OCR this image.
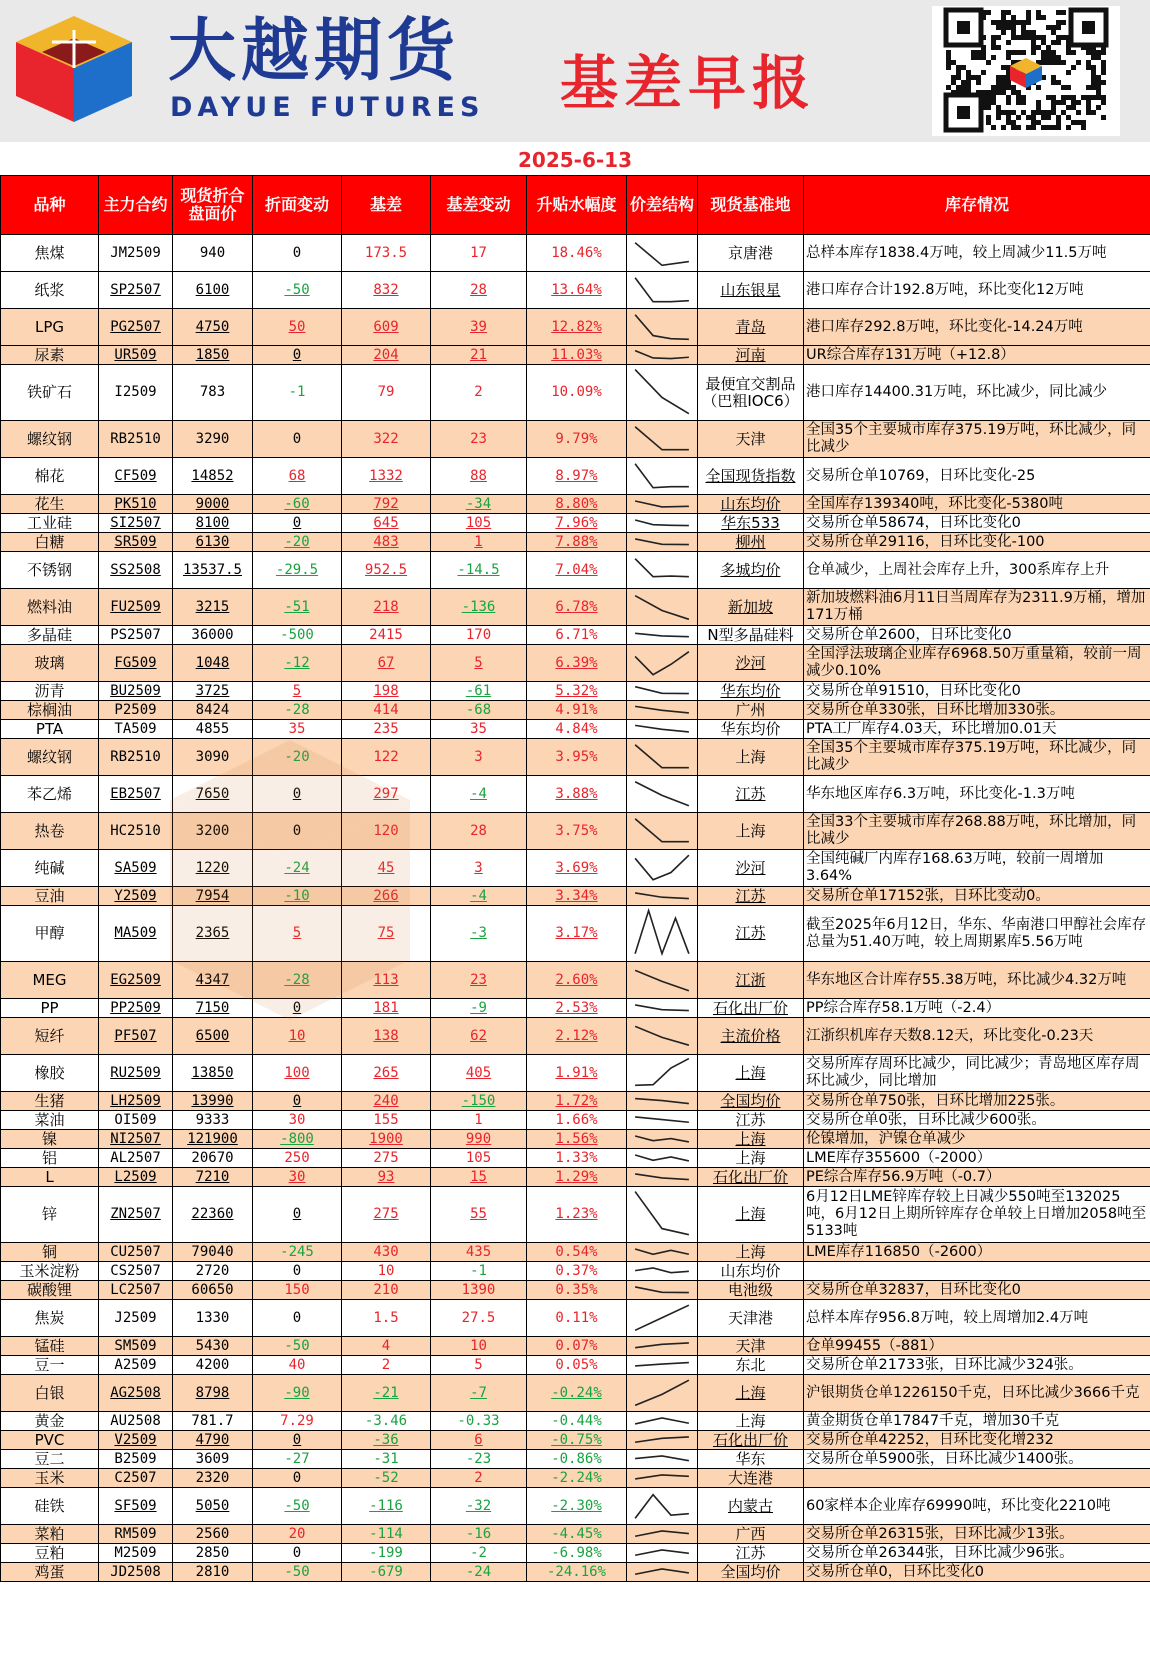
大越期货
DAYUE FUTURES 基差早报
2025-6-13
品种	主力合约	现货折合盘面价	折面变动	基差	基差变动	升贴水幅度	价差结构	现货基准地	库存情况
焦煤	JM2509	940	0	173.5	17	18.46%		京唐港	总样本库存1838.4万吨，较上周减少11.5万吨
纸浆	SP2507	6100	-50	832	28	13.64%		山东银星	港口库存合计192.8万吨，环比变化12万吨
LPG	PG2507	4750	50	609	39	12.82%		青岛	港口库存292.8万吨，环比变化-14.24万吨
尿素	UR509	1850	0	204	21	11.03%		河南	UR综合库存131万吨（+12.8）
铁矿石	I2509	783	-1	79	2	10.09%		最便宜交割品（巴粗IOC6）	港口库存14400.31万吨，环比减少，同比减少
螺纹钢	RB2510	3290	0	322	23	9.79%		天津	全国35个主要城市库存375.19万吨，环比减少，同比减少
棉花	CF509	14852	68	1332	88	8.97%		全国现货指数	交易所仓单10769，日环比变化-25
花生	PK510	9000	-60	792	-34	8.80%		山东均价	全国库存139340吨，环比变化-5380吨
工业硅	SI2507	8100	0	645	105	7.96%		华东533	交易所仓单58674，日环比变化0
白糖	SR509	6130	-20	483	1	7.88%		柳州	交易所仓单29116，日环比变化-100
不锈钢	SS2508	13537.5	-29.5	952.5	-14.5	7.04%		多城均价	仓单减少，上周社会库存上升，300系库存上升
燃料油	FU2509	3215	-51	218	-136	6.78%		新加坡	新加坡燃料油6月11日当周库存为2311.9万桶，增加171万桶
多晶硅	PS2507	36000	-500	2415	170	6.71%		N型多晶硅料	交易所仓单2600，日环比变化0
玻璃	FG509	1048	-12	67	5	6.39%		沙河	全国浮法玻璃企业库存6968.50万重量箱，较前一周减少0.10%
沥青	BU2509	3725	5	198	-61	5.32%		华东均价	交易所仓单91510，日环比变化0
棕榈油	P2509	8424	-28	414	-68	4.91%		广州	交易所仓单330张，日环比增加330张。
PTA	TA509	4855	35	235	35	4.84%		华东均价	PTA工厂库存4.03天，环比增加0.01天
螺纹钢	RB2510	3090	-20	122	3	3.95%		上海	全国35个主要城市库存375.19万吨，环比减少，同比减少
苯乙烯	EB2507	7650	0	297	-4	3.88%		江苏	华东地区库存6.3万吨，环比变化-1.3万吨
热卷	HC2510	3200	0	120	28	3.75%		上海	全国33个主要城市库存268.88万吨，环比增加，同比减少
纯碱	SA509	1220	-24	45	3	3.69%		沙河	全国纯碱厂内库存168.63万吨，较前一周增加3.64%
豆油	Y2509	7954	-10	266	-4	3.34%		江苏	交易所仓单17152张，日环比变动0。
甲醇	MA509	2365	5	75	-3	3.17%		江苏	截至2025年6月12日，华东、华南港口甲醇社会库存总量为51.40万吨，较上周期累库5.56万吨
MEG	EG2509	4347	-28	113	23	2.60%		江浙	华东地区合计库存55.38万吨，环比减少4.32万吨
PP	PP2509	7150	0	181	-9	2.53%		石化出厂价	PP综合库存58.1万吨（-2.4）
短纤	PF507	6500	10	138	62	2.12%		主流价格	江浙织机库存天数8.12天，环比变化-0.23天
橡胶	RU2509	13850	100	265	405	1.91%		上海	交易所库存周环比减少，同比减少；青岛地区库存周环比减少，同比增加
生猪	LH2509	13990	0	240	-150	1.72%		全国均价	交易所仓单750张，日环比增加225张。
菜油	OI509	9333	30	155	1	1.66%		江苏	交易所仓单0张，日环比减少600张。
镍	NI2507	121900	-800	1900	990	1.56%		上海	伦镍增加，沪镍仓单减少
铝	AL2507	20670	250	275	105	1.33%		上海	LME库存355600（-2000）
L	L2509	7210	30	93	15	1.29%		石化出厂价	PE综合库存56.9万吨（-0.7）
锌	ZN2507	22360	0	275	55	1.23%		上海	6月12日LME锌库存较上日减少550吨至132025吨，6月12日上期所锌库存仓单较上日增加2058吨至5133吨
铜	CU2507	79040	-245	430	435	0.54%		上海	LME库存116850（-2600）
玉米淀粉	CS2507	2720	0	10	-1	0.37%		山东均价	
碳酸锂	LC2507	60650	150	210	1390	0.35%		电池级	交易所仓单32837，日环比变化0
焦炭	J2509	1330	0	1.5	27.5	0.11%		天津港	总样本库存956.8万吨，较上周增加2.4万吨
锰硅	SM509	5430	-50	4	10	0.07%		天津	仓单99455（-881）
豆一	A2509	4200	40	2	5	0.05%		东北	交易所仓单21733张，日环比减少324张。
白银	AG2508	8798	-90	-21	-7	-0.24%		上海	沪银期货仓单1226150千克，日环比减少3666千克
黄金	AU2508	781.7	7.29	-3.46	-0.33	-0.44%		上海	黄金期货仓单17847千克，增加30千克
PVC	V2509	4790	0	-36	6	-0.75%		石化出厂价	交易所仓单42252，日环比变化增232
豆二	B2509	3609	-27	-31	-23	-0.86%		华东	交易所仓单5900张，日环比减少1400张。
玉米	C2507	2320	0	-52	2	-2.24%		大连港	
硅铁	SF509	5050	-50	-116	-32	-2.30%		内蒙古	60家样本企业库存69990吨，环比变化2210吨
菜粕	RM509	2560	20	-114	-16	-4.45%		广西	交易所仓单26315张，日环比减少13张。
豆粕	M2509	2850	0	-199	-2	-6.98%		江苏	交易所仓单26344张，日环比减少96张。
鸡蛋	JD2508	2810	-50	-679	-24	-24.16%		全国均价	交易所仓单0，日环比变化0
